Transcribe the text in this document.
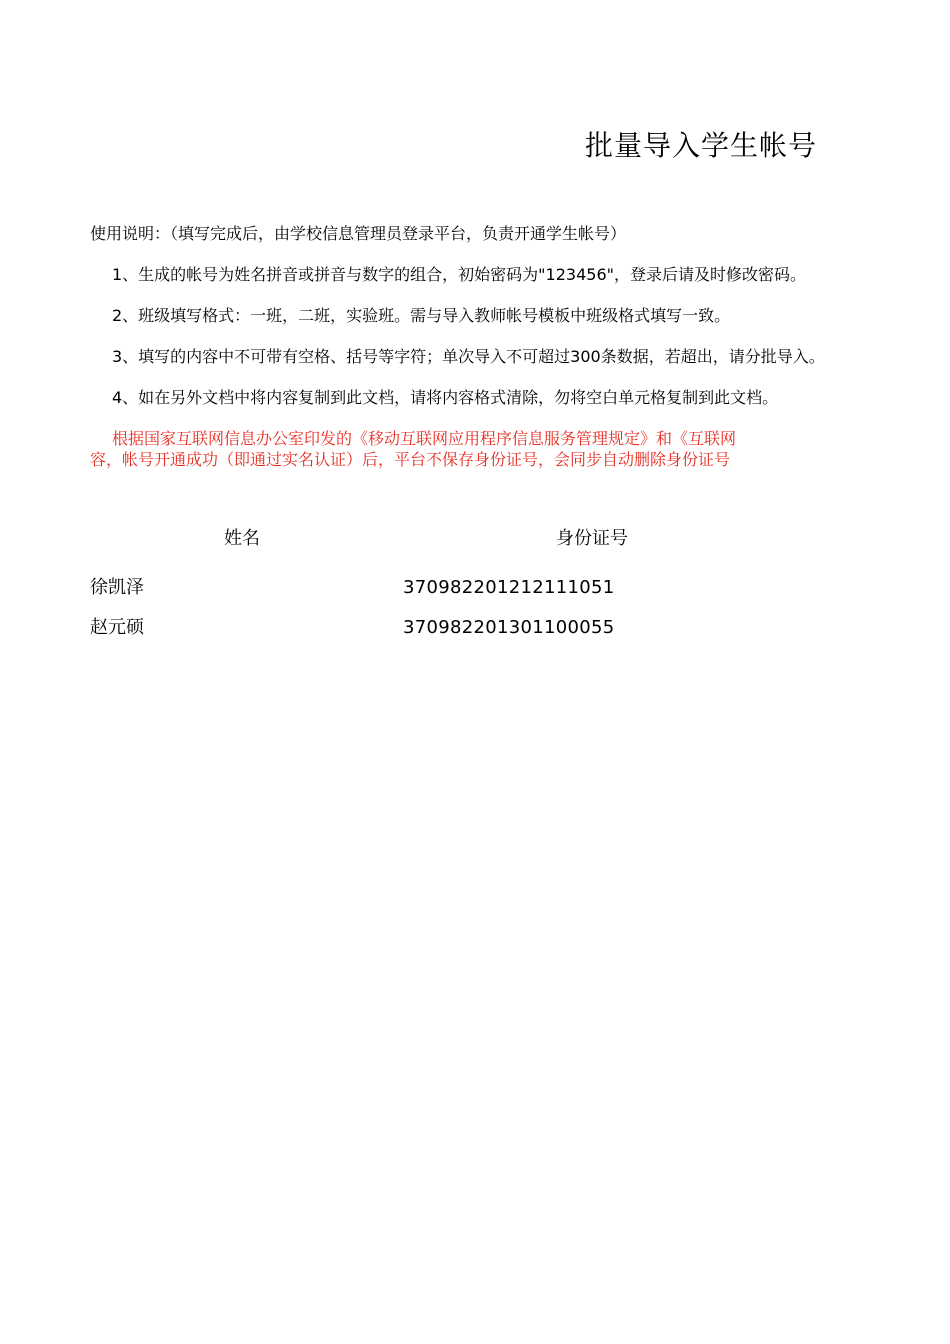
批量导入学生帐号
使用说明：（填写完成后，由学校信息管理员登录平台，负责开通学生帐号）
1、生成的帐号为姓名拼音或拼音与数字的组合，初始密码为"123456"，登录后请及时修改密码。
2、班级填写格式：一班，二班，实验班。需与导入教师帐号模板中班级格式填写一致。
3、填写的内容中不可带有空格、括号等字符；单次导入不可超过300条数据，若超出，请分批导入。
4、如在另外文档中将内容复制到此文档，请将内容格式清除，勿将空白单元格复制到此文档。
根据国家互联网信息办公室印发的《移动互联网应用程序信息服务管理规定》和《互联网
容，帐号开通成功（即通过实名认证）后，平台不保存身份证号，会同步自动删除身份证号
姓名	身份证号
徐凯泽	370982201212111051
赵元硕	370982201301100055
